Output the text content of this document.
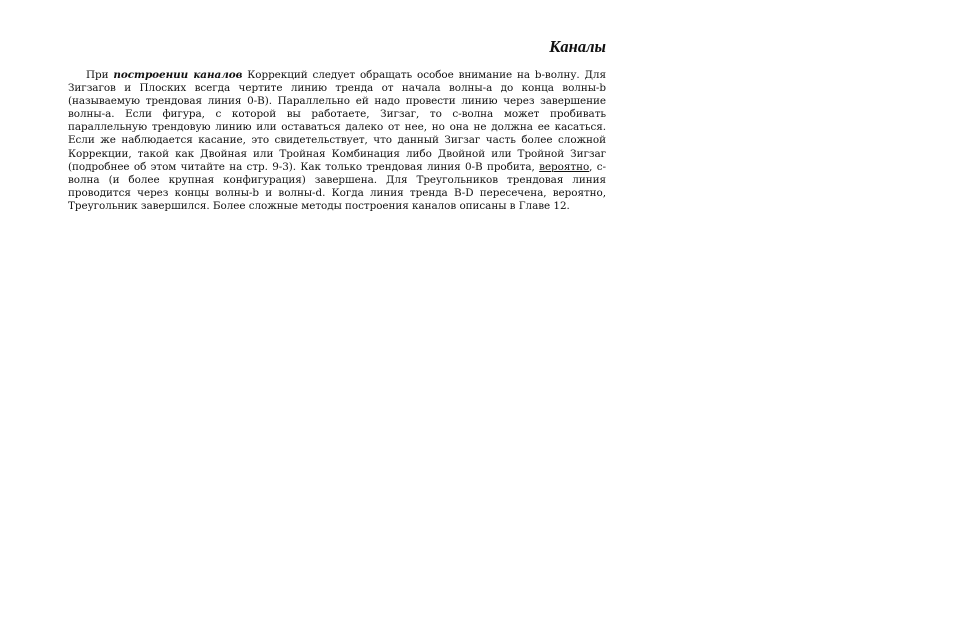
Каналы

При построении каналов Коррекций следует обращать особое внимание на b-волну. Для Зигзагов и Плоских всегда чертите линию тренда от начала волны-a до конца волны-b (называемую трендовая линия 0-B). Параллельно ей надо провести линию через завершение волны-a. Если фигура, с которой вы работаете, Зигзаг, то c-волна может пробивать параллельную трендовую линию или оставаться далеко от нее, но она не должна ее касаться. Если же наблюдается касание, это свидетельствует, что данный Зигзаг часть более сложной Коррекции, такой как Двойная или Тройная Комбинация либо Двойной или Тройной Зигзаг (подробнее об этом читайте на стр. 9-3). Как только трендовая линия 0-B пробита, вероятно, c-волна (и более крупная конфигурация) завершена. Для Треугольников трендовая линия проводится через концы волны-b и волны-d. Когда линия тренда B-D пересечена, вероятно, Треугольник завершился. Более сложные методы построения каналов описаны в Главе 12.
